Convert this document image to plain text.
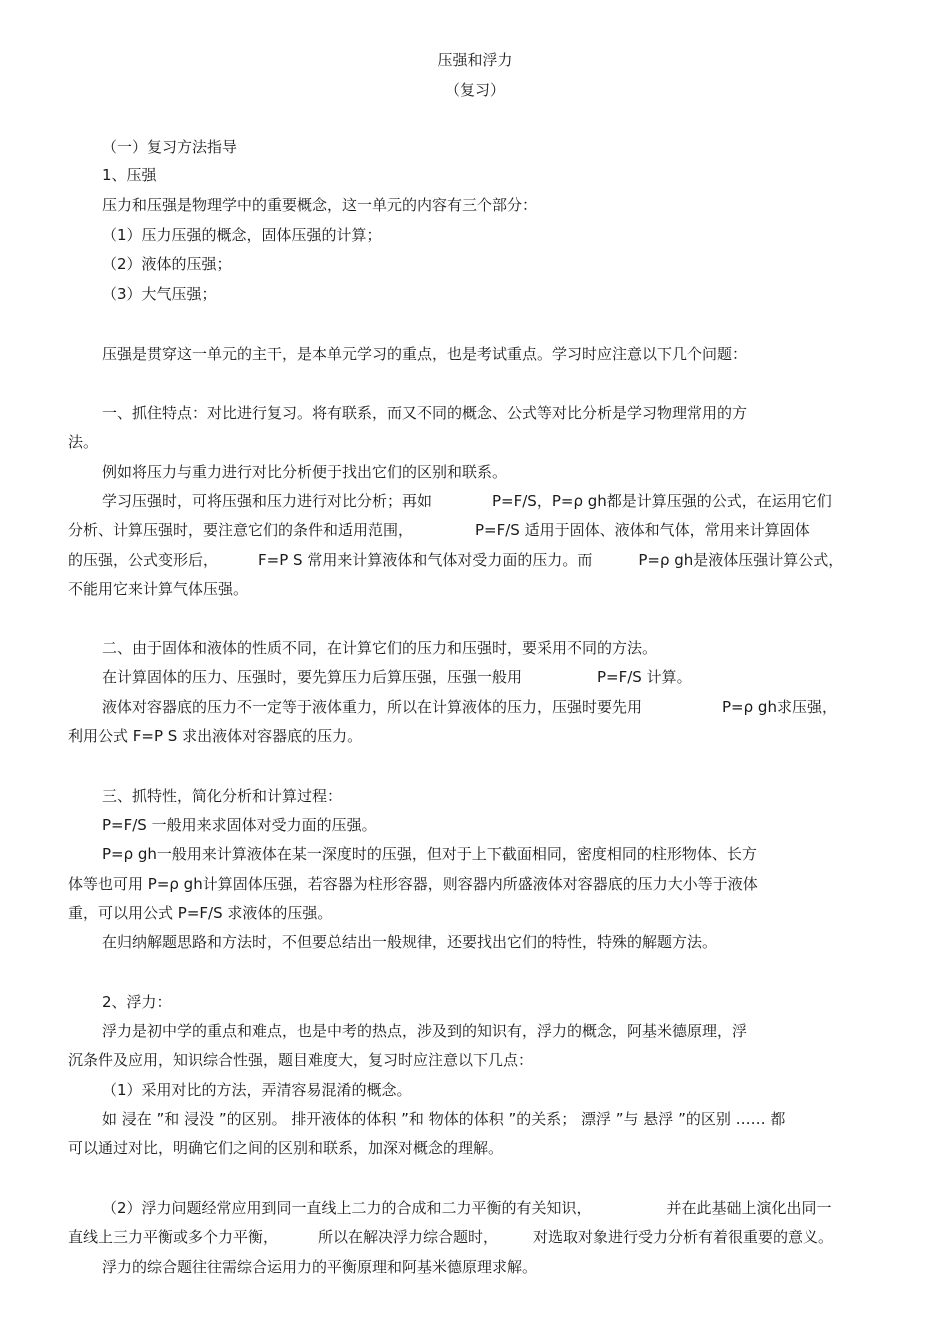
压强和浮力
（复习）
（一）复习方法指导
1、压强
压力和压强是物理学中的重要概念，这一单元的内容有三个部分：
（1）压力压强的概念，固体压强的计算；
（2）液体的压强；
（3）大气压强；
压强是贯穿这一单元的主干，是本单元学习的重点，也是考试重点。学习时应注意以下几个问题：
一、抓住特点：对比进行复习。将有联系，而又不同的概念、公式等对比分析是学习物理常用的方
法。
例如将压力与重力进行对比分析便于找出它们的区别和联系。
学习压强时，可将压强和压力进行对比分析；再如	P=F/S，P=ρ gh都是计算压强的公式，在运用它们
分析、计算压强时，要注意它们的条件和适用范围，	P=F/S 适用于固体、液体和气体，常用来计算固体
的压强，公式变形后，	F=P S 常用来计算液体和气体对受力面的压力。而	P=ρ gh是液体压强计算公式，
不能用它来计算气体压强。
二、由于固体和液体的性质不同，在计算它们的压力和压强时，要采用不同的方法。
在计算固体的压力、压强时，要先算压力后算压强，压强一般用	P=F/S 计算。
液体对容器底的压力不一定等于液体重力，所以在计算液体的压力，压强时要先用	P=ρ gh求压强，
利用公式 F=P S 求出液体对容器底的压力。
三、抓特性，简化分析和计算过程：
P=F/S 一般用来求固体对受力面的压强。
P=ρ gh一般用来计算液体在某一深度时的压强，但对于上下截面相同，密度相同的柱形物体、长方
体等也可用 P=ρ gh计算固体压强，若容器为柱形容器，则容器内所盛液体对容器底的压力大小等于液体
重，可以用公式 P=F/S 求液体的压强。
在归纳解题思路和方法时，不但要总结出一般规律，还要找出它们的特性，特殊的解题方法。
2、浮力：
浮力是初中学的重点和难点，也是中考的热点，涉及到的知识有，浮力的概念，阿基米德原理，浮
沉条件及应用，知识综合性强，题目难度大，复习时应注意以下几点：
（1）采用对比的方法，弄清容易混淆的概念。
如 浸在 ”和 浸没 ”的区别。 排开液体的体积 ”和 物体的体积 ”的关系； 漂浮 ”与 悬浮 ”的区别 …… 都
可以通过对比，明确它们之间的区别和联系，加深对概念的理解。
（2）浮力问题经常应用到同一直线上二力的合成和二力平衡的有关知识，	并在此基础上演化出同一
直线上三力平衡或多个力平衡，	所以在解决浮力综合题时， 对选取对象进行受力分析有着很重要的意义。
浮力的综合题往往需综合运用力的平衡原理和阿基米德原理求解。
